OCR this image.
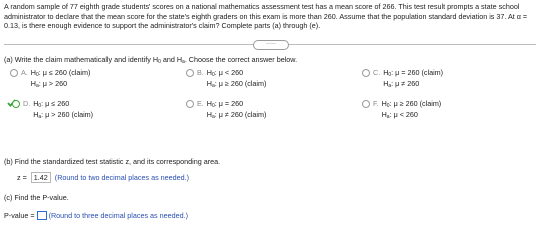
A random sample of 77 eighth grade students' scores on a national mathematics assessment test has a mean score of 266. This test result prompts a state school administrator to declare that the mean score for the state's eighth graders on this exam is more than 260. Assume that the population standard deviation is 37. At α = 0.13, is there enough evidence to support the administrator's claim? Complete parts (a) through (e).
·····
(a) Write the claim mathematically and identify $H_0$ and $H_a$. Choose the correct answer below.
A. $H_0$: μ ≤ 260 (claim)
$H_a$: μ > 260
B. $H_0$: μ < 260
$H_a$: μ ≥ 260 (claim)
C. $H_0$: μ = 260 (claim)
$H_a$: μ ≠ 260
D. $H_0$: μ ≤ 260
$H_a$: μ > 260 (claim)
E. $H_0$: μ = 260
$H_a$: μ ≠ 260 (claim)
F. $H_0$: μ ≥ 260 (claim)
$H_a$: μ < 260
(b) Find the standardized test statistic z, and its corresponding area.
z = 1.42 (Round to two decimal places as needed.)
(c) Find the P-value.
P-value = (Round to three decimal places as needed.)
